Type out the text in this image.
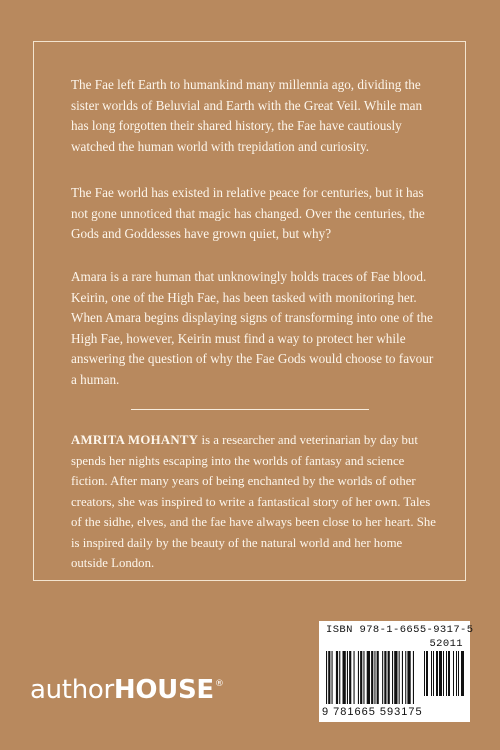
The Fae left Earth to humankind many millennia ago, dividing the sister worlds of Beluvial and Earth with the Great Veil. While man has long forgotten their shared history, the Fae have cautiously watched the human world with trepidation and curiosity.

The Fae world has existed in relative peace for centuries, but it has not gone unnoticed that magic has changed. Over the centuries, the Gods and Goddesses have grown quiet, but why?

Amara is a rare human that unknowingly holds traces of Fae blood. Keirin, one of the High Fae, has been tasked with monitoring her. When Amara begins displaying signs of transforming into one of the High Fae, however, Keirin must find a way to protect her while answering the question of why the Fae Gods would choose to favour a human.

AMRITA MOHANTY is a researcher and veterinarian by day but spends her nights escaping into the worlds of fantasy and science fiction. After many years of being enchanted by the worlds of other creators, she was inspired to write a fantastical story of her own. Tales of the sidhe, elves, and the fae have always been close to her heart. She is inspired daily by the beauty of the natural world and her home outside London.

authorHOUSE®
ISBN 978-1-6655-9317-5
52011
9 781665 593175
